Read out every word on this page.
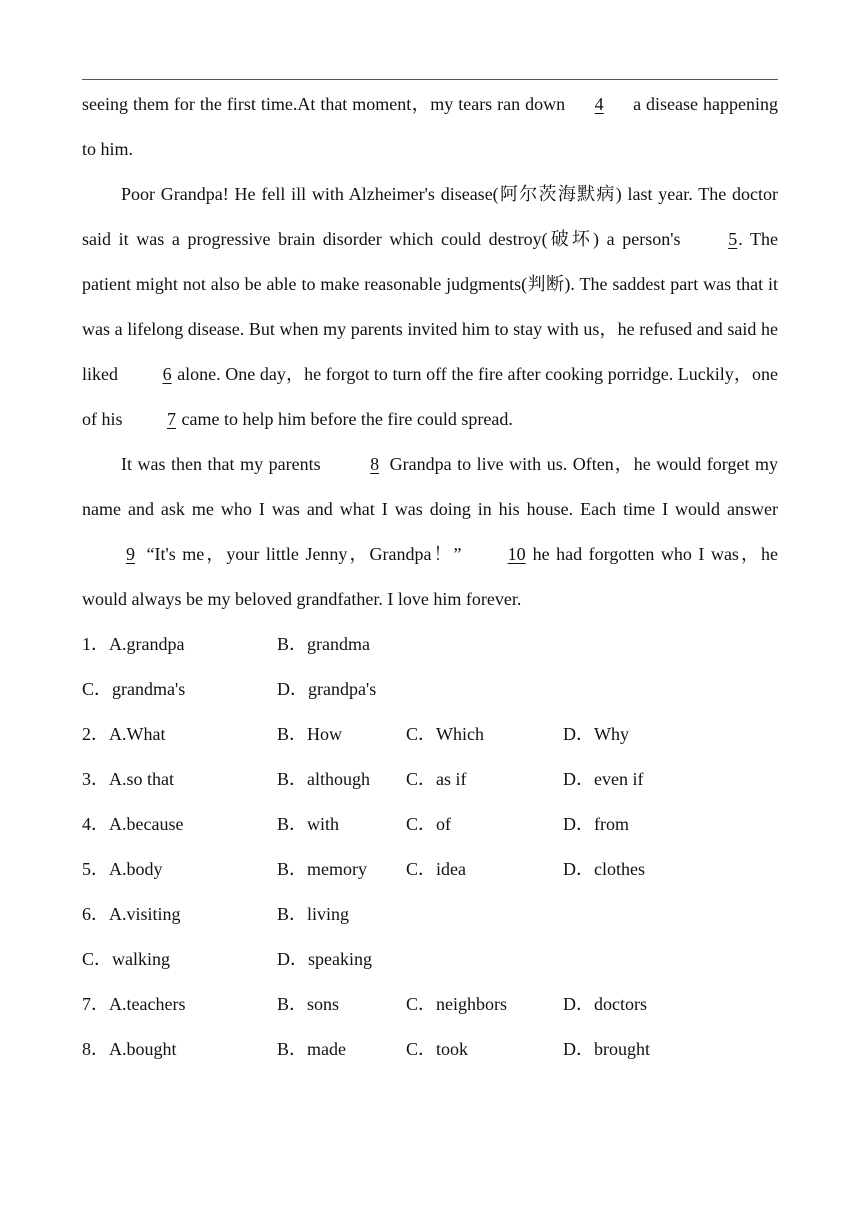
seeing them for the first time.At that moment，my tears ran down 4 a disease happening to him.

Poor Grandpa! He fell ill with Alzheimer's disease(阿尔茨海默病) last year. The doctor said it was a progressive brain disorder which could destroy(破坏) a person's 5. The patient might not also be able to make reasonable judgments(判断). The saddest part was that it was a lifelong disease. But when my parents invited him to stay with us，he refused and said he liked 6 alone. One day，he forgot to turn off the fire after cooking porridge. Luckily，one of his 7 came to help him before the fire could spread.

It was then that my parents 8 Grandpa to live with us. Often，he would forget my name and ask me who I was and what I was doing in his house. Each time I would answer 9 “It's me，your little Jenny，Grandpa！” 10 he had forgotten who I was，he would always be my beloved grandfather. I love him forever.

1．A.grandpa	B．grandma
C．grandma's	D．grandpa's
2．A.What	B．How	C．Which	D．Why
3．A.so that	B．although C．as if	D．even if
4．A.because	B．with	C．of	D．from
5．A.body	B．memory C．idea	D．clothes
6．A.visiting	B．living
C．walking	D．speaking
7．A.teachers	B．sons	C．neighbors	D．doctors
8．A.bought	B．made	C．took	D．brought
